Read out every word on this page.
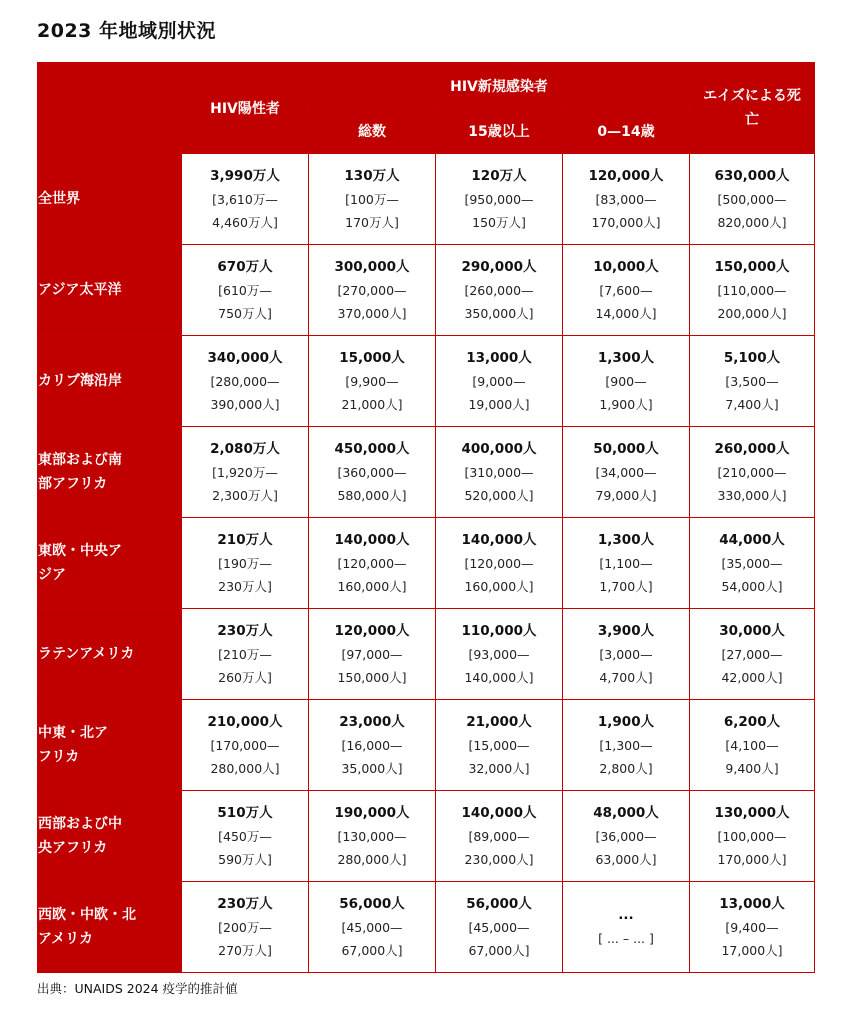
2023 年地域別状況
	HIV陽性者	HIV新規感染者			エイズによる死亡
		総数	15歳以上	0—14歳	
全世界	3,990万人
[3,610万—
4,460万人]	130万人
[100万—
170万人]	120万人
[950,000—
150万人]	120,000人
[83,000—
170,000人]	630,000人
[500,000—
820,000人]

アジア太平洋	670万人
[610万—
750万人]	300,000人
[270,000—
370,000人]	290,000人
[260,000—
350,000人]	10,000人
[7,600—
14,000人]	150,000人
[110,000—
200,000人]

カリブ海沿岸	340,000人
[280,000—
390,000人]	15,000人
[9,900—
21,000人]	13,000人
[9,000—
19,000人]	1,300人
[900—
1,900人]	5,100人
[3,500—
7,400人]

東部および南部アフリカ	2,080万人
[1,920万—
2,300万人]	450,000人
[360,000—
580,000人]	400,000人
[310,000—
520,000人]	50,000人
[34,000—
79,000人]	260,000人
[210,000—
330,000人]

東欧・中央アジア	210万人
[190万—
230万人]	140,000人
[120,000—
160,000人]	140,000人
[120,000—
160,000人]	1,300人
[1,100—
1,700人]	44,000人
[35,000—
54,000人]

ラテンアメリカ	230万人
[210万—
260万人]	120,000人
[97,000—
150,000人]	110,000人
[93,000—
140,000人]	3,900人
[3,000—
4,700人]	30,000人
[27,000—
42,000人]

中東・北アフリカ	210,000人
[170,000—
280,000人]	23,000人
[16,000—
35,000人]	21,000人
[15,000—
32,000人]	1,900人
[1,300—
2,800人]	6,200人
[4,100—
9,400人]

西部および中央アフリカ	510万人
[450万—
590万人]	190,000人
[130,000—
280,000人]	140,000人
[89,000—
230,000人]	48,000人
[36,000—
63,000人]	130,000人
[100,000—
170,000人]

西欧・中欧・北アメリカ	230万人
[200万—
270万人]	56,000人
[45,000—
67,000人]	56,000人
[45,000—
67,000人]	...
[ ... – ... ]	13,000人
[9,400—
17,000人]
出典：UNAIDS 2024 疫学的推計値
